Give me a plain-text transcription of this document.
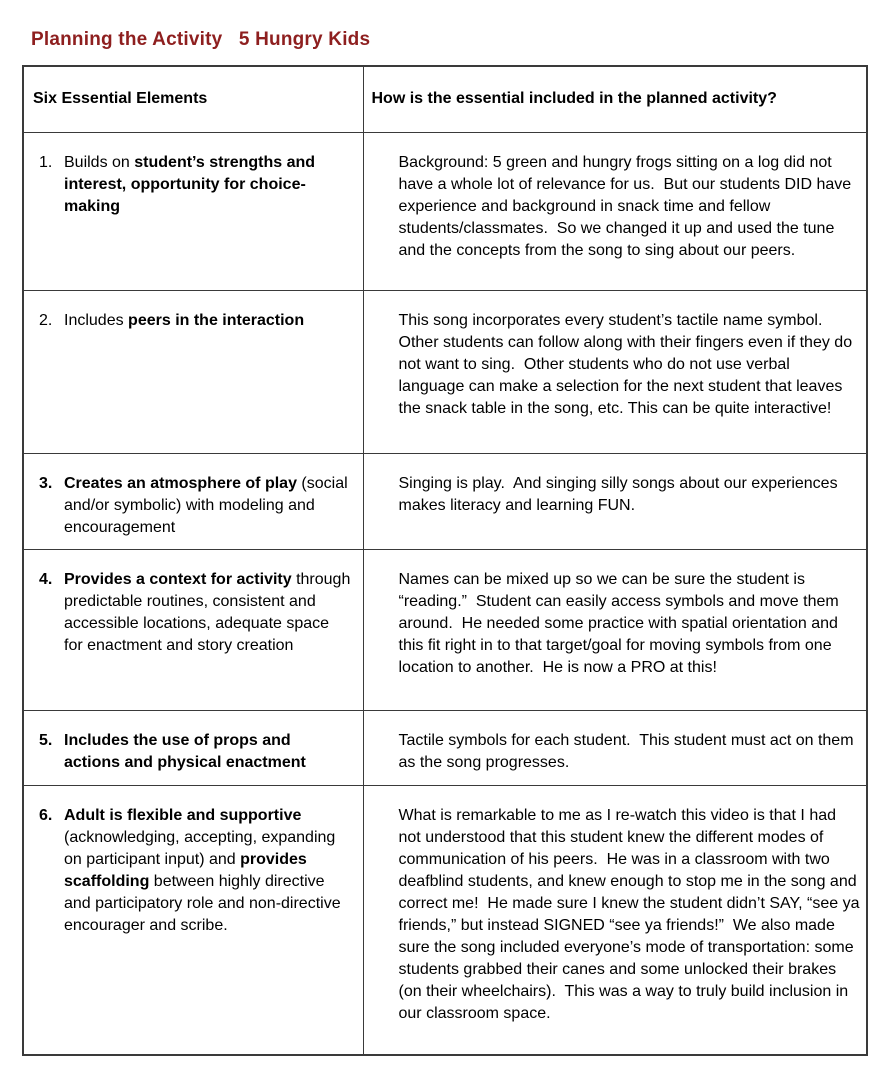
Planning the Activity   5 Hungry Kids
Six Essential Elements	How is the essential included in the planned activity?

1. Builds on student’s strengths and interest, opportunity for choice-making	Background: 5 green and hungry frogs sitting on a log did not have a whole lot of relevance for us.  But our students DID have experience and background in snack time and fellow students/classmates.  So we changed it up and used the tune and the concepts from the song to sing about our peers.

2. Includes peers in the interaction	This song incorporates every student’s tactile name symbol.   Other students can follow along with their fingers even if they do not want to sing.  Other students who do not use verbal language can make a selection for the next student that leaves the snack table in the song, etc. This can be quite interactive!

3. Creates an atmosphere of play (social and/or symbolic) with modeling and encouragement	Singing is play.  And singing silly songs about our experiences makes literacy and learning FUN.

4. Provides a context for activity through predictable routines, consistent and accessible locations, adequate space for enactment and story creation	Names can be mixed up so we can be sure the student is “reading.”  Student can easily access symbols and move them around.  He needed some practice with spatial orientation and this fit right in to that target/goal for moving symbols from one location to another.  He is now a PRO at this!

5. Includes the use of props and actions and physical enactment	Tactile symbols for each student.  This student must act on them as the song progresses.

6. Adult is flexible and supportive (acknowledging, accepting, expanding on participant input) and provides scaffolding between highly directive and participatory role and non-directive encourager and scribe.
	What is remarkable to me as I re-watch this video is that I had not understood that this student knew the different modes of communication of his peers.  He was in a classroom with two deafblind students, and knew enough to stop me in the song and correct me!  He made sure I knew the student didn’t SAY, “see ya friends,” but instead SIGNED “see ya friends!”  We also made sure the song included everyone’s mode of transportation: some students grabbed their canes and some unlocked their brakes (on their wheelchairs).  This was a way to truly build inclusion in our classroom space.
